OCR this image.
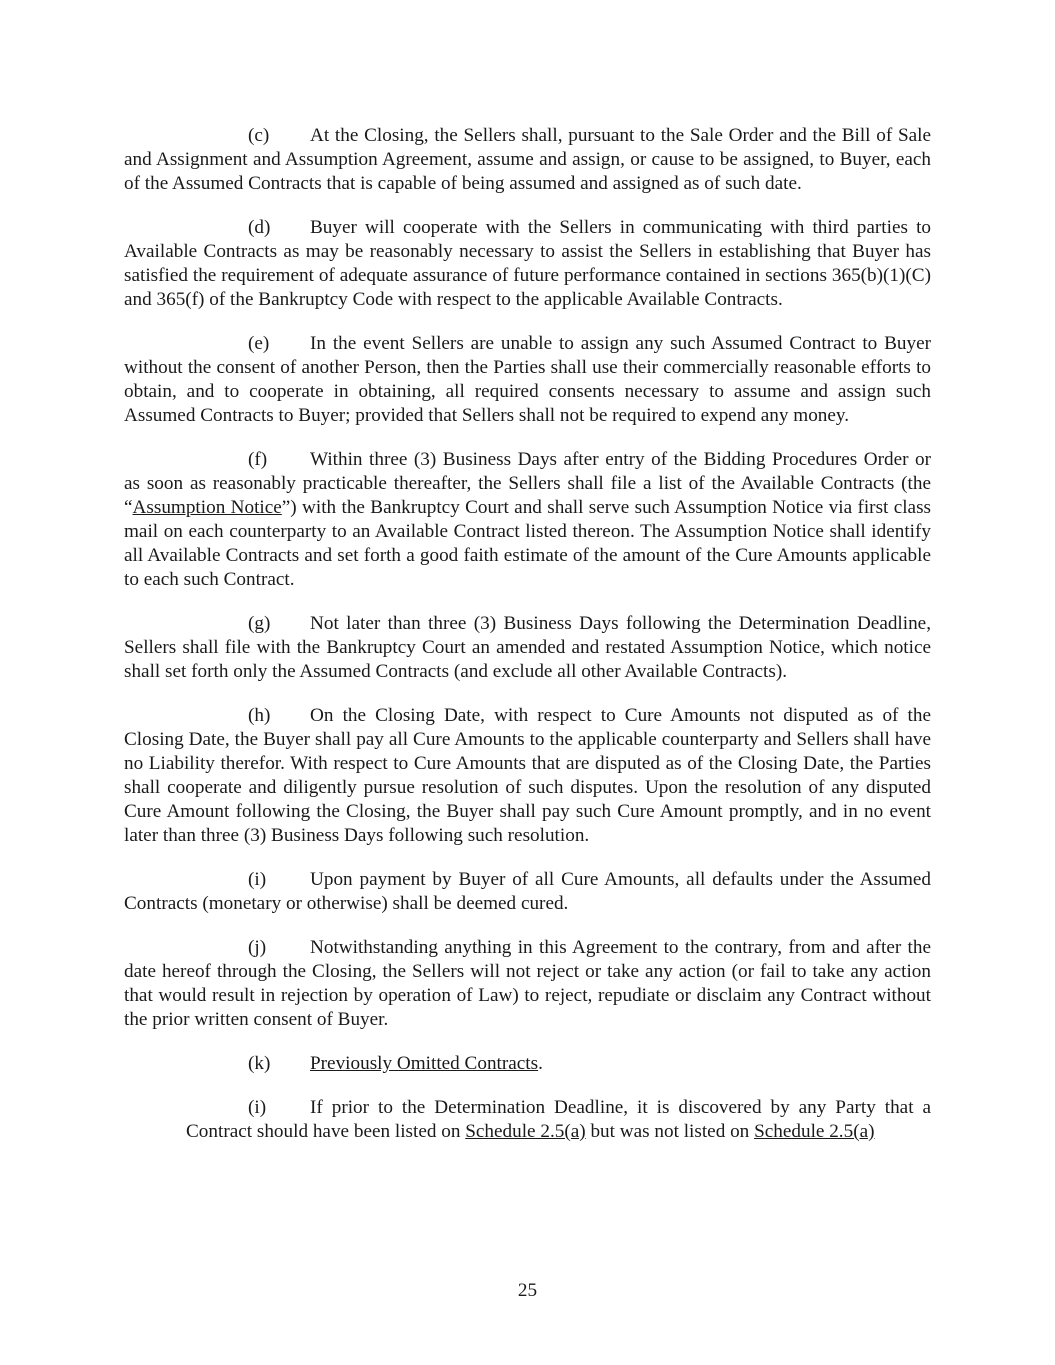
(c) At the Closing, the Sellers shall, pursuant to the Sale Order and the Bill of Sale and Assignment and Assumption Agreement, assume and assign, or cause to be assigned, to Buyer, each of the Assumed Contracts that is capable of being assumed and assigned as of such date.

(d) Buyer will cooperate with the Sellers in communicating with third parties to Available Contracts as may be reasonably necessary to assist the Sellers in establishing that Buyer has satisfied the requirement of adequate assurance of future performance contained in sections 365(b)(1)(C) and 365(f) of the Bankruptcy Code with respect to the applicable Available Contracts.

(e) In the event Sellers are unable to assign any such Assumed Contract to Buyer without the consent of another Person, then the Parties shall use their commercially reasonable efforts to obtain, and to cooperate in obtaining, all required consents necessary to assume and assign such Assumed Contracts to Buyer; provided that Sellers shall not be required to expend any money.

(f) Within three (3) Business Days after entry of the Bidding Procedures Order or as soon as reasonably practicable thereafter, the Sellers shall file a list of the Available Contracts (the “Assumption Notice”) with the Bankruptcy Court and shall serve such Assumption Notice via first class mail on each counterparty to an Available Contract listed thereon. The Assumption Notice shall identify all Available Contracts and set forth a good faith estimate of the amount of the Cure Amounts applicable to each such Contract.

(g) Not later than three (3) Business Days following the Determination Deadline, Sellers shall file with the Bankruptcy Court an amended and restated Assumption Notice, which notice shall set forth only the Assumed Contracts (and exclude all other Available Contracts).

(h) On the Closing Date, with respect to Cure Amounts not disputed as of the Closing Date, the Buyer shall pay all Cure Amounts to the applicable counterparty and Sellers shall have no Liability therefor. With respect to Cure Amounts that are disputed as of the Closing Date, the Parties shall cooperate and diligently pursue resolution of such disputes. Upon the resolution of any disputed Cure Amount following the Closing, the Buyer shall pay such Cure Amount promptly, and in no event later than three (3) Business Days following such resolution.

(i) Upon payment by Buyer of all Cure Amounts, all defaults under the Assumed Contracts (monetary or otherwise) shall be deemed cured.

(j) Notwithstanding anything in this Agreement to the contrary, from and after the date hereof through the Closing, the Sellers will not reject or take any action (or fail to take any action that would result in rejection by operation of Law) to reject, repudiate or disclaim any Contract without the prior written consent of Buyer.

(k) Previously Omitted Contracts.

(i) If prior to the Determination Deadline, it is discovered by any Party that a Contract should have been listed on Schedule 2.5(a) but was not listed on Schedule 2.5(a)

25
